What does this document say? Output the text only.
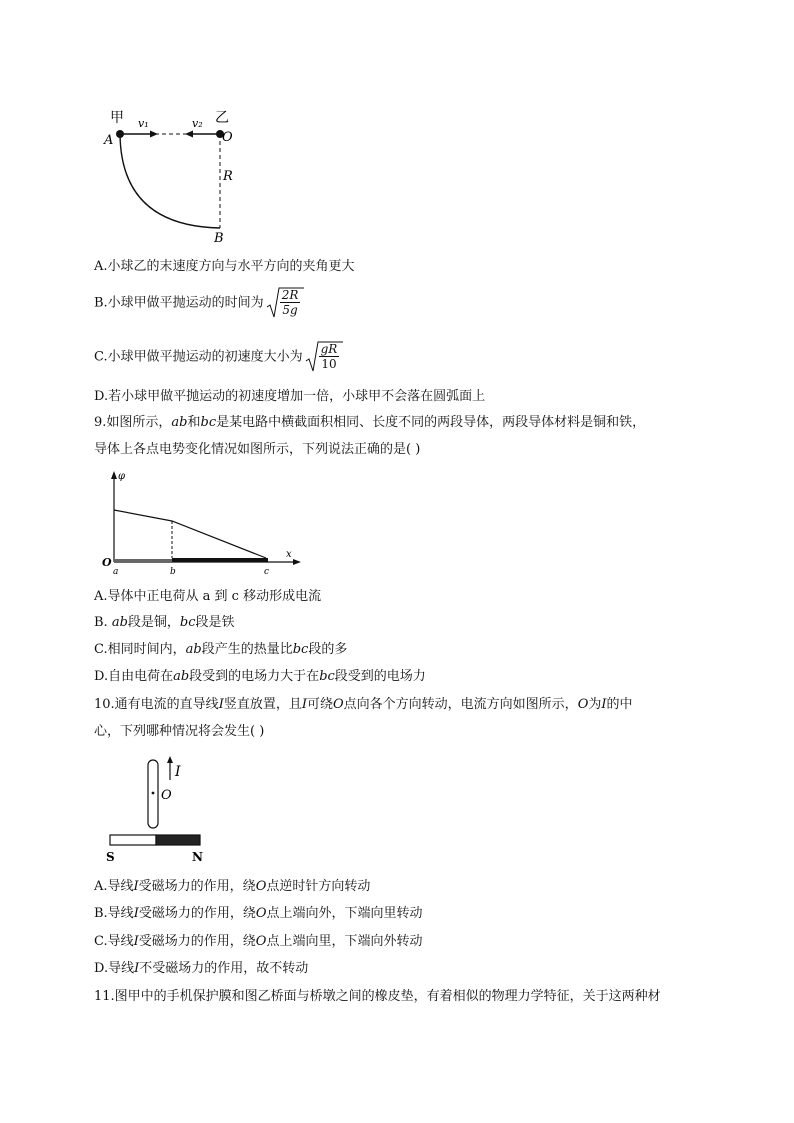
甲	乙
A	O
B
R
v₁	v₂
A.小球乙的末速度方向与水平方向的夹角更大
B.小球甲做平抛运动的时间为 $\frac{2R}{5g}$
C.小球甲做平抛运动的初速度大小为 $\frac{gR}{10}$
D.若小球甲做平抛运动的初速度增加一倍，小球甲不会落在圆弧面上
9.如图所示，ab和bc是某电路中横截面积相同、长度不同的两段导体，两段导体材料是铜和铁，
导体上各点电势变化情况如图所示，下列说法正确的是( )
φ
x
O
a	b	c
A.导体中正电荷从 a 到 c 移动形成电流
B. ab段是铜，bc段是铁
C.相同时间内，ab段产生的热量比bc段的多
D.自由电荷在ab段受到的电场力大于在bc段受到的电场力
10.通有电流的直导线I竖直放置，且I可绕O点向各个方向转动，电流方向如图所示，O为I的中
心，下列哪种情况将会发生( )
I
O
S	N
A.导线I受磁场力的作用，绕O点逆时针方向转动
B.导线I受磁场力的作用，绕O点上端向外，下端向里转动
C.导线I受磁场力的作用，绕O点上端向里，下端向外转动
D.导线I不受磁场力的作用，故不转动
11.图甲中的手机保护膜和图乙桥面与桥墩之间的橡皮垫，有着相似的物理力学特征，关于这两种材
